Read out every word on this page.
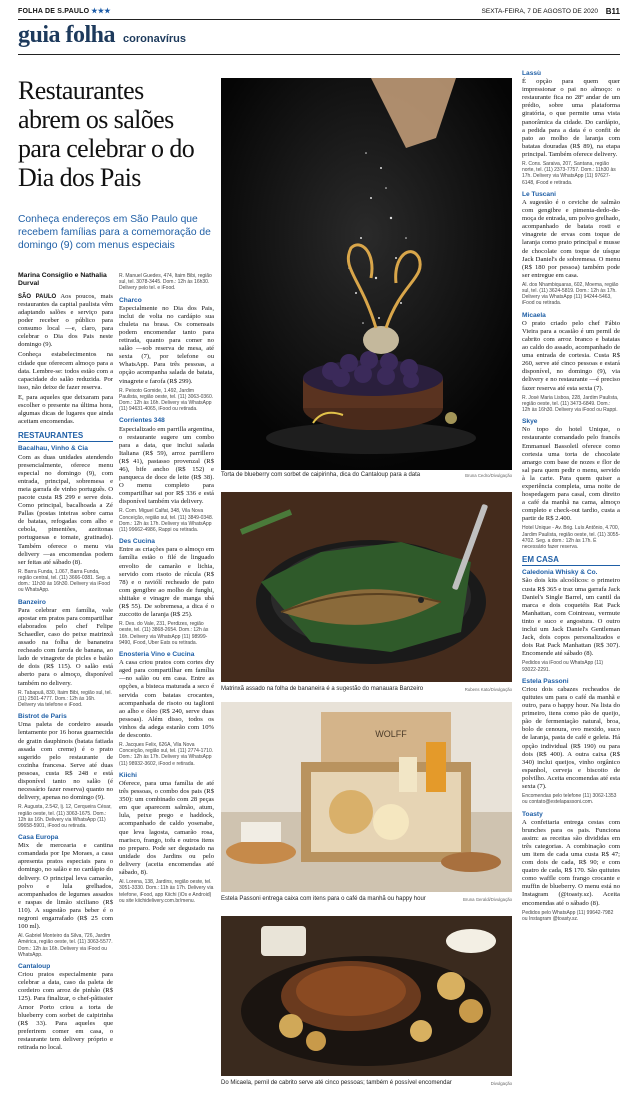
FOLHA DE S.PAULO ★★★	SEXTA-FEIRA, 7 DE AGOSTO DE 2020 B11
guia folha coronavírus
Restaurantes abrem os salões para celebrar o do Dia dos Pais

Conheça endereços em São Paulo que recebem famílias para a comemoração de domingo (9) com menus especiais

Marina Consiglio e Nathalia Durval

SÃO PAULO Aos poucos, mais restaurantes da capital paulista vêm adaptando salões e serviço para poder receber o público para consumo local —e, claro, para celebrar o Dia dos Pais neste domingo (9).

Conheça estabelecimentos na cidade que oferecem almoço para a data. Lembre-se: todos estão com a capacidade do salão reduzida. Por isso, não deixe de fazer reserva.

E, para aqueles que deixaram para escolher o presente na última hora, algumas dicas de lugares que ainda aceitam encomendas.

RESTAURANTES
Bacalhau, Vinho & Cia

Com as duas unidades atendendo presencialmente, oferece menu especial no domingo (9), com entrada, principal, sobremesa e meia garrafa de vinho português. O pacote custa R$ 299 e serve dois. Como principal, bacalhoada a Zé Pallas (postas inteiras sobre cama de batatas, refogadas com alho e cebola, pimentões, azeitonas portuguesas e tomate, gratinado). Também oferece o menu via delivery —as encomendas podem ser feitas até sábado (8).

R. Barra Funda, 1.067, Barra Funda, região central, tel. (11) 3666-0381. Seg. a dom.: 11h30 às 16h30. Delivery via iFood ou WhatsApp.

Banzeiro

Para celebrar em família, vale apostar em pratos para compartilhar elaborados pelo chef Felipe Schaedler, caso do peixe matrinxã assado na folha de bananeira recheado com farofa de banana, ao lado de vinagrete de picles e baião de dois (R$ 115). O salão está aberto para o almoço, disponível também no delivery.

R. Tabapuã, 830, Itaim Bibi, região sul, tel. (11) 2501-4777. Dom.: 12h às 16h. Delivery via telefone e iFood.

Bistrot de Paris

Uma paleta de cordeiro assada lentamente por 16 horas guarnecida de gratin dauphinois (batata fatiada assada com creme) é o prato sugerido pelo restaurante de cozinha francesa. Serve até duas pessoas, custa R$ 248 e está disponível tanto no salão (é necessário fazer reserva) quanto no delivery, apenas no domingo (9).

R. Augusta, 2.542, lj. 12, Cerqueira César, região oeste, tel. (11) 3063-1675. Dom.: 12h às 16h. Delivery via WhatsApp (11) 99658-5901, iFood ou retirada.

Casa Europa

Mix de mercearia e cantina comandada por Ipe Moraes, a casa apresenta pratos especiais para o domingo, no salão e no cardápio do delivery. O principal leva camarão, polvo e lula grelhados, acompanhados de legumes assados e raspas de limão siciliano (R$ 110). A sugestão para beber é o negroni engarrafado (R$ 25 com 100 ml).

Al. Gabriel Monteiro da Silva, 726, Jardim América, região oeste, tel. (11) 3063-5577. Dom.: 12h às 16h. Delivery via iFood ou WhatsApp.

Cantaloup

Criou pratos especialmente para celebrar a data, caso da paleta de cordeiro com arroz de pinhão (R$ 125). Para finalizar, o chef-pâtissier Arnor Porto criou a torta de blueberry com sorbet de caipirinha (R$ 33). Para aqueles que preferirem comer em casa, o restaurante tem delivery próprio e retirada no local.

R. Manuel Guedes, 474, Itaim Bibi, região sul, tel. 3078-3445. Dom.: 12h às 16h30. Delivery pelo tel. e iFood.

Charco

Especialmente no Dia dos Pais, inclui de volta no cardápio sua chuleta na brasa. Os comensais podem encomendar tanto para retirada, quanto para comer no salão —sob reserva de mesa, até sexta (7), por telefone ou WhatsApp. Para três pessoas, a opção acompanha salada de batata, vinagrete e farofa (R$ 299).

R. Peixoto Gomide, 1.492, Jardim Paulista, região oeste, tel. (11) 3063-0360. Dom.: 12h às 16h. Delivery via WhatsApp (11) 94631-4065, iFood ou retirada.

Corrientes 348

Especializado em parrilla argentina, o restaurante sugere um combo para a data, que inclui salada Italiana (R$ 59), arroz parrillero (R$ 41), pastasso provenzal (R$ 46), bife ancho (R$ 152) e panqueca de doce de leite (R$ 38). O menu completo para compartilhar sai por R$ 336 e está disponível também via delivery.

R. Com. Miguel Calfat, 348, Vila Nova Conceição, região sul, tel. (11) 3849-0348. Dom.: 12h às 17h. Delivery via WhatsApp (11) 99662-4986, Rappi ou retirada.

Des Cucina

Entre as criações para o almoço em família estão o filé de linguado envolto de camarão e lichia, servido com risoto de rúcula (R$ 78) e o raviólí recheado de pato com gengibre ao molho de funghi, shiitake e vinagre de manga ubá (R$ 55). De sobremesa, a dica é o zuccotto de laranja (R$ 25).

R. Des. do Vale, 231, Perdizes, região oeste, tel. (11) 3868-2654. Dom.: 12h às 16h. Delivery via WhatsApp (11) 98999-9490, iFood, Uber Eats ou retirada.

Enosteria Vino e Cucina

A casa criou pratos com cortes dry aged para compartilhar em família —no salão ou em casa. Entre as opções, a bisteca maturada a seco é servida com batatas crocantes, acompanhada de risoto ou taglioni ao alho e óleo (R$ 240, serve duas pessoas). Além disso, todos os vinhos da adega estarão com 10% de desconto.

R. Jacques Felix, 626A, Vila Nova Conceição, região sul, tel. (11) 2774-1710. Dom.: 12h às 17h. Delivery via WhatsApp (11) 98932-3602, iFood e retirada.

Kiichi

Oferece, para uma família de até três pessoas, o combo dos pais (R$ 350): um combinado com 28 peças em que aparecem salmão, atum, lula, peixe prego e haddock, acompanhado de caldo yosenabe, que leva lagosta, camarão rosa, marisco, frango, tofu e outros itens no preparo. Pode ser degustado na unidade dos Jardins ou pelo delivery (aceita encomendas até sábado, 8).

Al. Lorena, 138, Jardins, região oeste, tel. 3051-3330. Dom.: 11h às 17h. Delivery via telefone, iFood, app Kiichi (iOs e Android) ou site kiichidelivery.com.br/menu.

Torta de blueberry com sorbet de caipirinha, dica do Cantaloup para a data	Bruna Cedro/Divulgação
Matrinxã assado na folha de bananeira é a sugestão do manauara Banzeiro	Rubens Kato/Divulgação
WOLFF
Estela Passoni entrega caixa com itens para o café da manhã ou happy hour	Bruna Geraldi/Divulgação
Do Micaela, pernil de cabrito serve até cinco pessoas; também é possível encomendar	Divulgação
Lassù

É opção para quem quer impressionar o pai no almoço: o restaurante fica no 28º andar de um prédio, sobre uma plataforma giratória, o que permite uma vista panorâmica da cidade. Do cardápio, a pedida para a data é o confit de pato ao molho de laranja com batatas douradas (R$ 89), na etapa principal. Também oferece delivery.

R. Cons. Saraiva, 207, Santana, região norte, tel. (11) 2373-7757. Dom.: 11h30 às 17h. Delivery via WhatsApp (11) 97627-6148, iFood e retirada.

Le Tuscani

A sugestão é o ceviche de salmão com gengibre e pimenta-dedo-de-moça de entrada, um polvo grelhado, acompanhado de batata rosti e vinagrete de ervas com toque de laranja como prato principal e musse de chocolate com toque de uísque Jack Daniel's de sobremesa. O menu (R$ 180 por pessoa) também pode ser entregue em casa.

Al. dos Nhambiquaras, 602, Moema, região sul, tel. (11) 3624-5819. Dom.: 12h às 17h. Delivery via WhatsApp (11) 94244-5463, iFood ou retirada.

Micaela

O prato criado pelo chef Fábio Vieira para a ocasião é um pernil de cabrito com arroz branco e batatas ao caldo do assado, acompanhado de uma entrada de cortesia. Custa R$ 260, serve até cinco pessoas e estará disponível, no domingo (9), via delivery e no restaurante —é preciso fazer reserva até esta sexta (7).

R. José Maria Lisboa, 228, Jardim Paulista, região oeste, tel. (11) 3473-6849. Dom.: 12h às 16h30. Delivery via iFood ou Rappi.

Skye

No topo do hotel Unique, o restaurante comandado pelo francês Emmanuel Bassoleil oferece como cortesia uma torta de chocolate amargo com base de nozes e flor de sal para quem pedir o menu, servido à la carte. Para quem quiser a experiência completa, uma noite de hospedagem para casal, com direito a café da manhã na cama, almoço completo e check-out tardio, custa a partir de R$ 2.400.

Hotel Unique - Av. Brig. Luís Antônio, 4.700, Jardim Paulista, região oeste, tel. (11) 3055-4702. Seg. a dom.: 12h às 17h. É necessário fazer reserva.

EM CASA
Caledonia Whisky & Co.

São dois kits alcoólicos: o primeiro custa R$ 365 e traz uma garrafa Jack Daniel's Single Barrel, um cantil da marca e dois coquetéis Rat Pack Manhattan, com Cointreau, vermute tinto e suco e angostura. O outro inclui um Jack Daniel's Gentleman Jack, dois copos personalizados e dois Rat Pack Manhattan (R$ 307). Encomende até sábado (8).

Pedidos via iFood ou WhatsApp (11) 93022-2291.

Estela Passoni

Criou dois cabazes recheados de quitutes um para o café da manhã e outro, para o happy hour. Na lista do primeiro, itens como pão de queijo, pão de fermentação natural, broa, bolo de cenoura, ovo mexido, suco de laranja, pasta de café e geleia. Há opção individual (R$ 190) ou para dois (R$ 400). A outra caixa (R$ 340) inclui queijos, vinho orgânico espanhol, cerveja e biscoito de polvilho. Aceita encomendas até esta sexta (7).

Encomendas pelo telefone (11) 3062-1353 ou contato@estelapassoni.com.

Toasty

A confeitaria entrega cestas com brunches para os pais. Funciona assim: as receitas são divididas em três categorias. A combinação com um item de cada uma custa R$ 47; com dois de cada, R$ 90; e com quatro de cada, R$ 170. São quitutes como waffle com frango crocante e muffin de blueberry. O menu está no Instagram (@toasty.sz). Aceita encomendas até o sábado (8).

Pedidos pelo WhatsApp (11) 99642-7982 ou Instagram @toasty.sz.
